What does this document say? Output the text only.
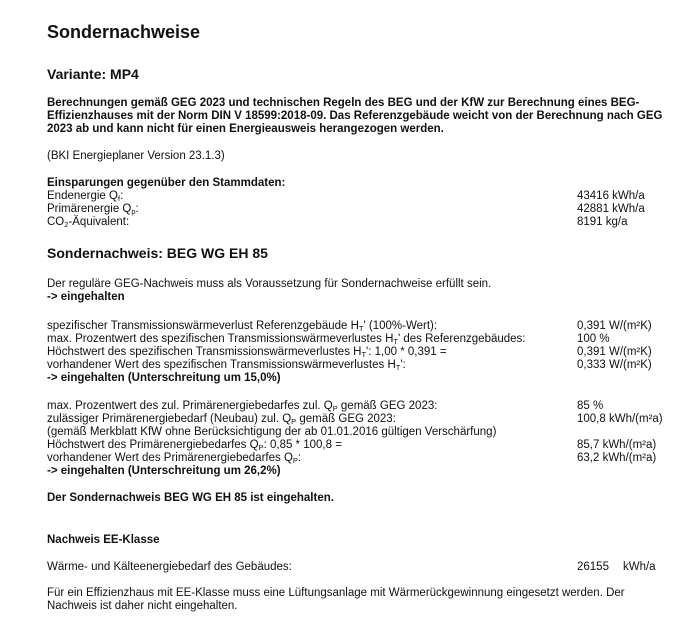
Sondernachweise
Variante: MP4
Berechnungen gemäß GEG 2023 und technischen Regeln des BEG und der KfW zur Berechnung eines BEG-Effizienzhauses mit der Norm DIN V 18599:2018-09. Das Referenzgebäude weicht von der Berechnung nach GEG 2023 ab und kann nicht für einen Energieausweis herangezogen werden.
(BKI Energieplaner Version 23.1.3)
Einsparungen gegenüber den Stammdaten:
Endenergie $Q_f$:	43416 kWh/a
Primärenergie $Q_p$:	42881 kWh/a
$CO_2$-Äquivalent:	8191 kg/a
Sondernachweis: BEG WG EH 85
Der reguläre GEG-Nachweis muss als Voraussetzung für Sondernachweise erfüllt sein.
-> eingehalten
spezifischer Transmissionswärmeverlust Referenzgebäude $H_T'$ (100%-Wert):	0,391 W/(m²K)
max. Prozentwert des spezifischen Transmissionswärmeverlustes $H_T'$ des Referenzgebäudes:	100 %
Höchstwert des spezifischen Transmissionswärmeverlustes $H_T'$: 1,00 * 0,391 =	0,391 W/(m²K)
vorhandener Wert des spezifischen Transmissionswärmeverlustes $H_T'$:	0,333 W/(m²K)
-> eingehalten (Unterschreitung um 15,0%)
max. Prozentwert des zul. Primärenergiebedarfes zul. $Q_P$ gemäß GEG 2023:	85 %
zulässiger Primärenergiebedarf (Neubau) zul. $Q_P$ gemäß GEG 2023:	100,8 kWh/(m²a)
(gemäß Merkblatt KfW ohne Berücksichtigung der ab 01.01.2016 gültigen Verschärfung)
Höchstwert des Primärenergiebedarfes $Q_P$: 0,85 * 100,8 =	85,7 kWh/(m²a)
vorhandener Wert des Primärenergiebedarfes $Q_P$:	63,2 kWh/(m²a)
-> eingehalten (Unterschreitung um 26,2%)
Der Sondernachweis BEG WG EH 85 ist eingehalten.
Nachweis EE-Klasse
Wärme- und Kälteenergiebedarf des Gebäudes:	26155 kWh/a
Für ein Effizienzhaus mit EE-Klasse muss eine Lüftungsanlage mit Wärmerückgewinnung eingesetzt werden. Der Nachweis ist daher nicht eingehalten.
